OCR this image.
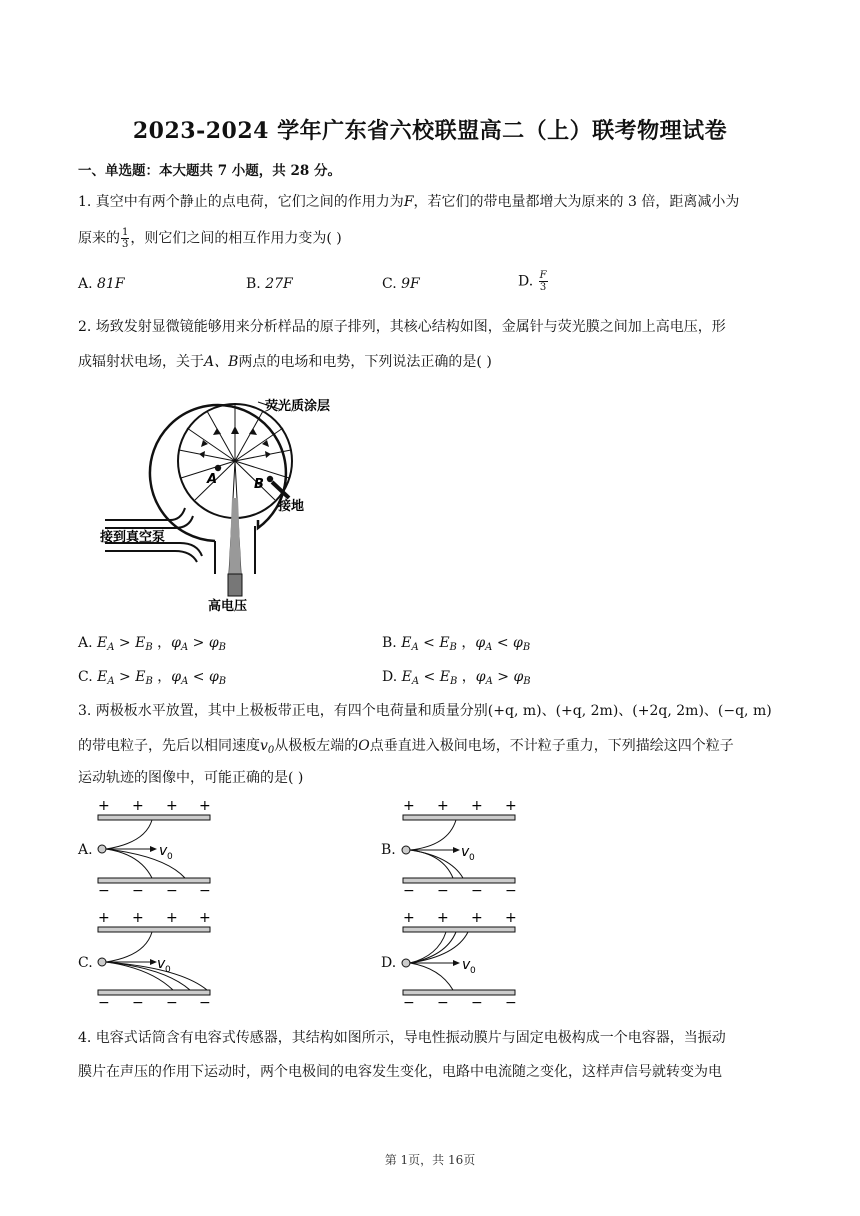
2023-2024 学年广东省六校联盟高二（上）联考物理试卷
一、单选题：本大题共 7 小题，共 28 分。
1. 真空中有两个静止的点电荷，它们之间的作用力为F，若它们的带电量都增大为原来的 3 倍，距离减小为
原来的 $\frac{1}{3}$ ，则它们之间的相互作用力变为( )
A. 81F	B. 27F	C. 9F	D. $\frac{F}{3}$
2. 场致发射显微镜能够用来分析样品的原子排列，其核心结构如图，金属针与荧光膜之间加上高电压，形
成辐射状电场，关于A、B两点的电场和电势，下列说法正确的是( )
A	B
荧光质涂层
接地
接到真空泵
高电压
A. $E_A > E_B$ ，$\varphi_A > \varphi_B$	B. $E_A < E_B$ ，$\varphi_A < \varphi_B$
C. $E_A > E_B$ ，$\varphi_A < \varphi_B$	D. $E_A < E_B$ ，$\varphi_A > \varphi_B$
3. 两极板水平放置，其中上极板带正电，有四个电荷量和质量分别(+q, m)、(+q, 2m)、(+2q, 2m)、(−q, m)
的带电粒子，先后以相同速度$v_0$从极板左端的O点垂直进入极间电场，不计粒子重力，下列描绘这四个粒子
运动轨迹的图像中，可能正确的是( )
A.	B.
C.	D.
+ + + +
− − − −
v 0
+ + + +
− − − −
v 0
+ + + +
− − − −
v 0
+ + + +
− − − −
v 0
4. 电容式话筒含有电容式传感器，其结构如图所示，导电性振动膜片与固定电极构成一个电容器，当振动
膜片在声压的作用下运动时，两个电极间的电容发生变化，电路中电流随之变化，这样声信号就转变为电
第 1页，共 16页
